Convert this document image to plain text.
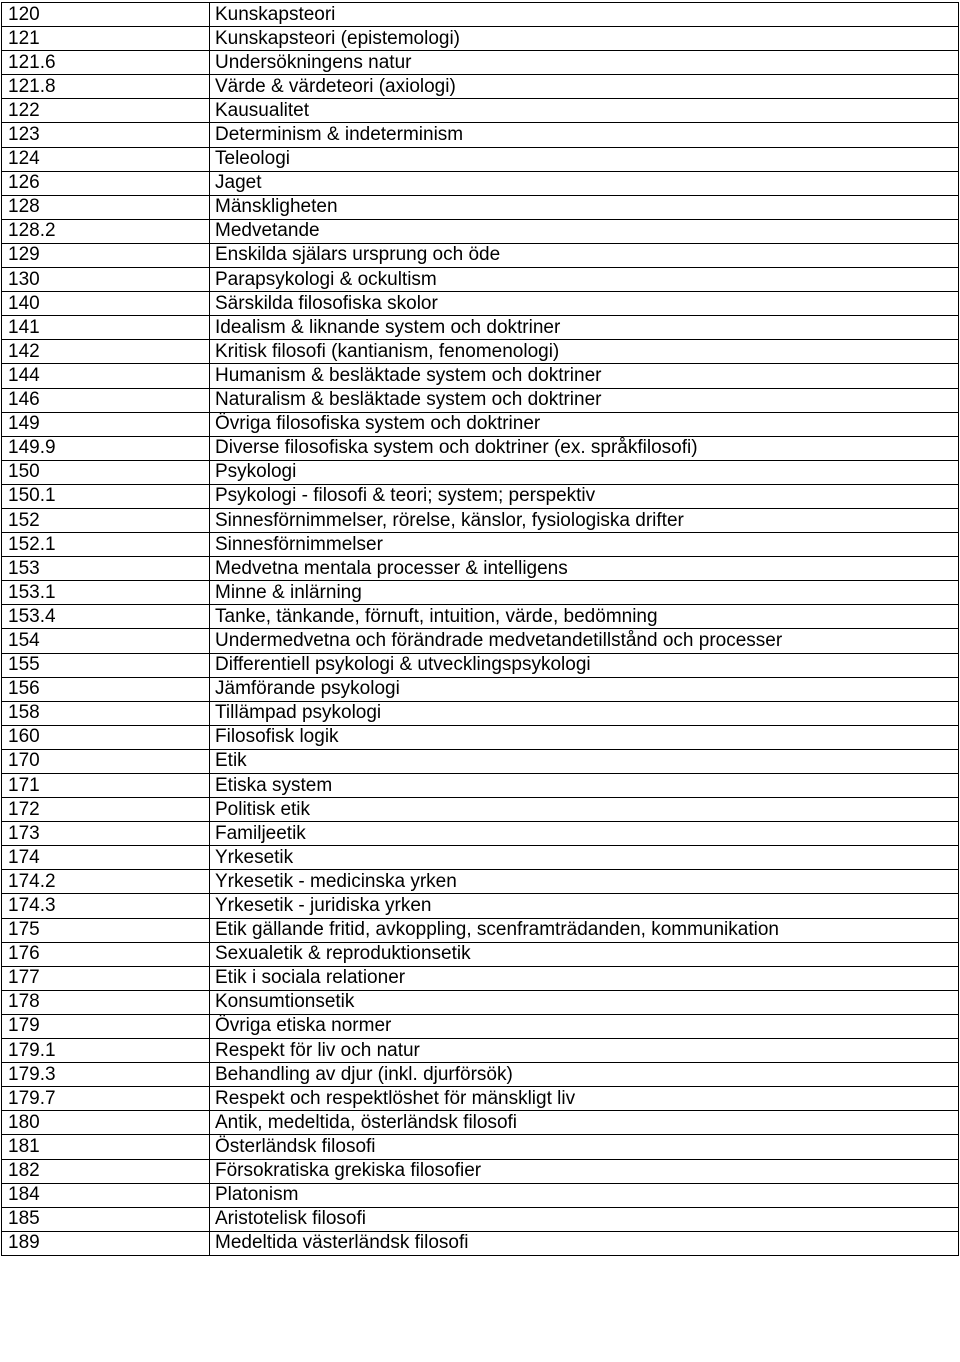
120	Kunskapsteori
121	Kunskapsteori (epistemologi)
121.6	Undersökningens natur
121.8	Värde & värdeteori (axiologi)
122	Kausualitet
123	Determinism & indeterminism
124	Teleologi
126	Jaget
128	Mänskligheten
128.2	Medvetande
129	Enskilda själars ursprung och öde
130	Parapsykologi & ockultism
140	Särskilda filosofiska skolor
141	Idealism & liknande system och doktriner
142	Kritisk filosofi (kantianism, fenomenologi)
144	Humanism & besläktade system och doktriner
146	Naturalism & besläktade system och doktriner
149	Övriga filosofiska system och doktriner
149.9	Diverse filosofiska system och doktriner (ex. språkfilosofi)
150	Psykologi
150.1	Psykologi - filosofi & teori; system; perspektiv
152	Sinnesförnimmelser, rörelse, känslor, fysiologiska drifter
152.1	Sinnesförnimmelser
153	Medvetna mentala processer & intelligens
153.1	Minne & inlärning
153.4	Tanke, tänkande, förnuft, intuition, värde, bedömning
154	Undermedvetna och förändrade medvetandetillstånd och processer
155	Differentiell psykologi & utvecklingspsykologi
156	Jämförande psykologi
158	Tillämpad psykologi
160	Filosofisk logik
170	Etik
171	Etiska system
172	Politisk etik
173	Familjeetik
174	Yrkesetik
174.2	Yrkesetik - medicinska yrken
174.3	Yrkesetik - juridiska yrken
175	Etik gällande fritid, avkoppling, scenframträdanden, kommunikation
176	Sexualetik & reproduktionsetik
177	Etik i sociala relationer
178	Konsumtionsetik
179	Övriga etiska normer
179.1	Respekt för liv och natur
179.3	Behandling av djur (inkl. djurförsök)
179.7	Respekt och respektlöshet för mänskligt liv
180	Antik, medeltida, österländsk filosofi
181	Österländsk filosofi
182	Försokratiska grekiska filosofier
184	Platonism
185	Aristotelisk filosofi
189	Medeltida västerländsk filosofi
